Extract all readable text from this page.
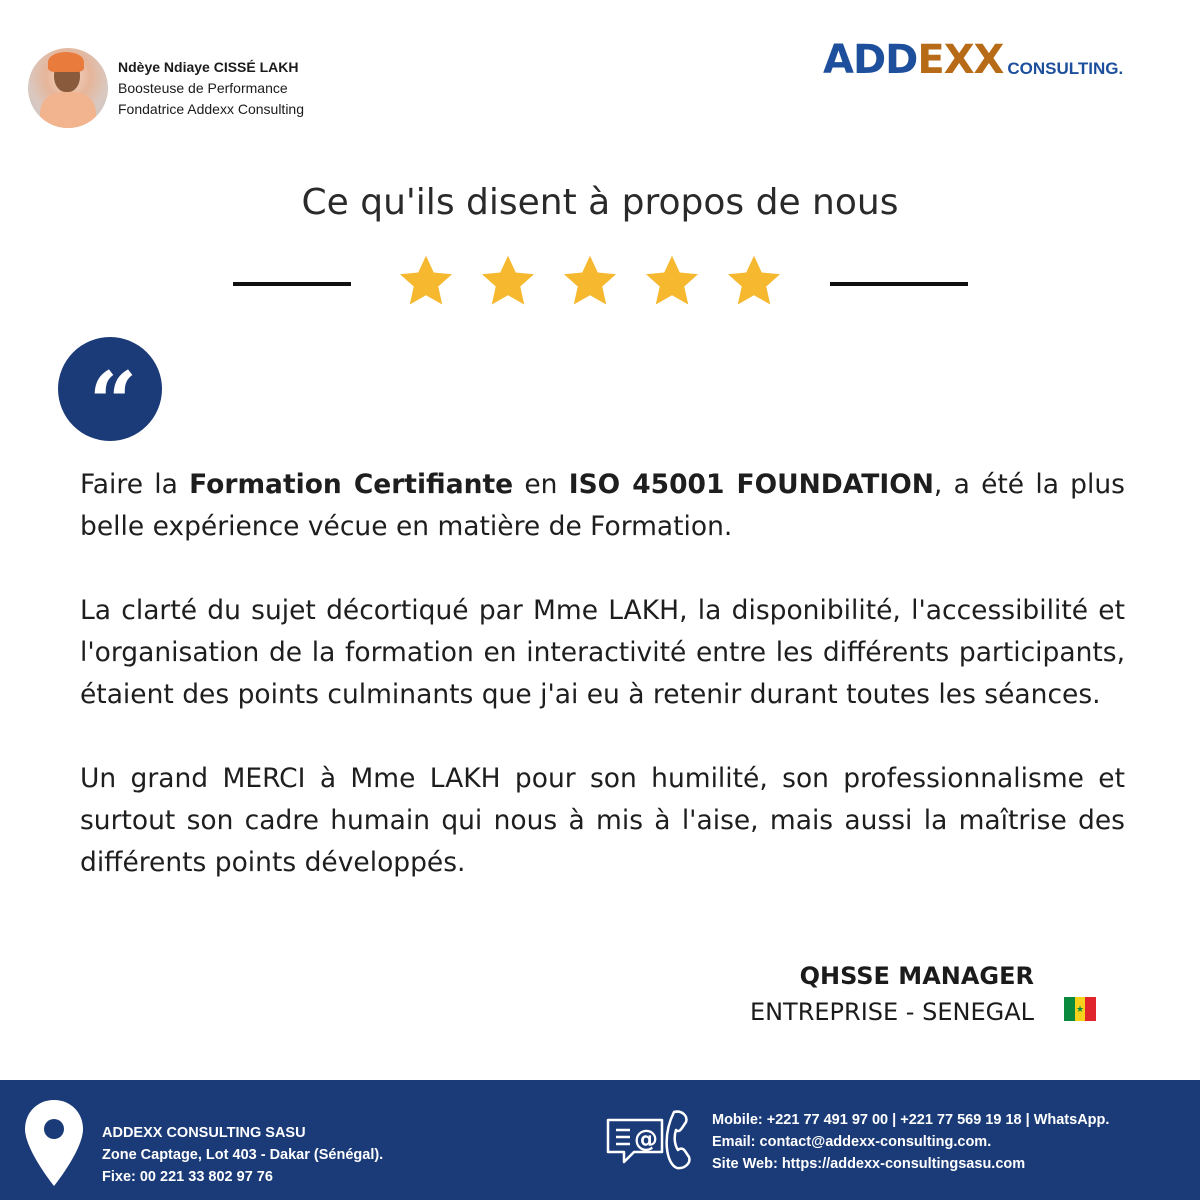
Ndèye Ndiaye CISSÉ LAKH
Boosteuse de Performance
Fondatrice Addexx Consulting
ADD EXX CONSULTING.
Ce qu'ils disent à propos de nous
“

Faire la Formation Certifiante en ISO 45001 FOUNDATION, a été la plus belle expérience vécue en matière de Formation.

La clarté du sujet décortiqué par Mme LAKH, la disponibilité, l'accessibilité et l'organisation de la formation en interactivité entre les différents participants, étaient des points culminants que j'ai eu à retenir durant toutes les séances.

Un grand MERCI à Mme LAKH pour son humilité, son professionnalisme et surtout son cadre humain qui nous à mis à l'aise, mais aussi la maîtrise des différents points développés.

QHSSE MANAGER
ENTREPRISE - SENEGAL	★
ADDEXX CONSULTING SASU
Zone Captage, Lot 403 - Dakar (Sénégal).
Fixe: 00 221 33 802 97 76
@
Mobile: +221 77 491 97 00 | +221 77 569 19 18 | WhatsApp.
Email: contact@addexx-consulting.com.
Site Web: https://addexx-consultingsasu.com
